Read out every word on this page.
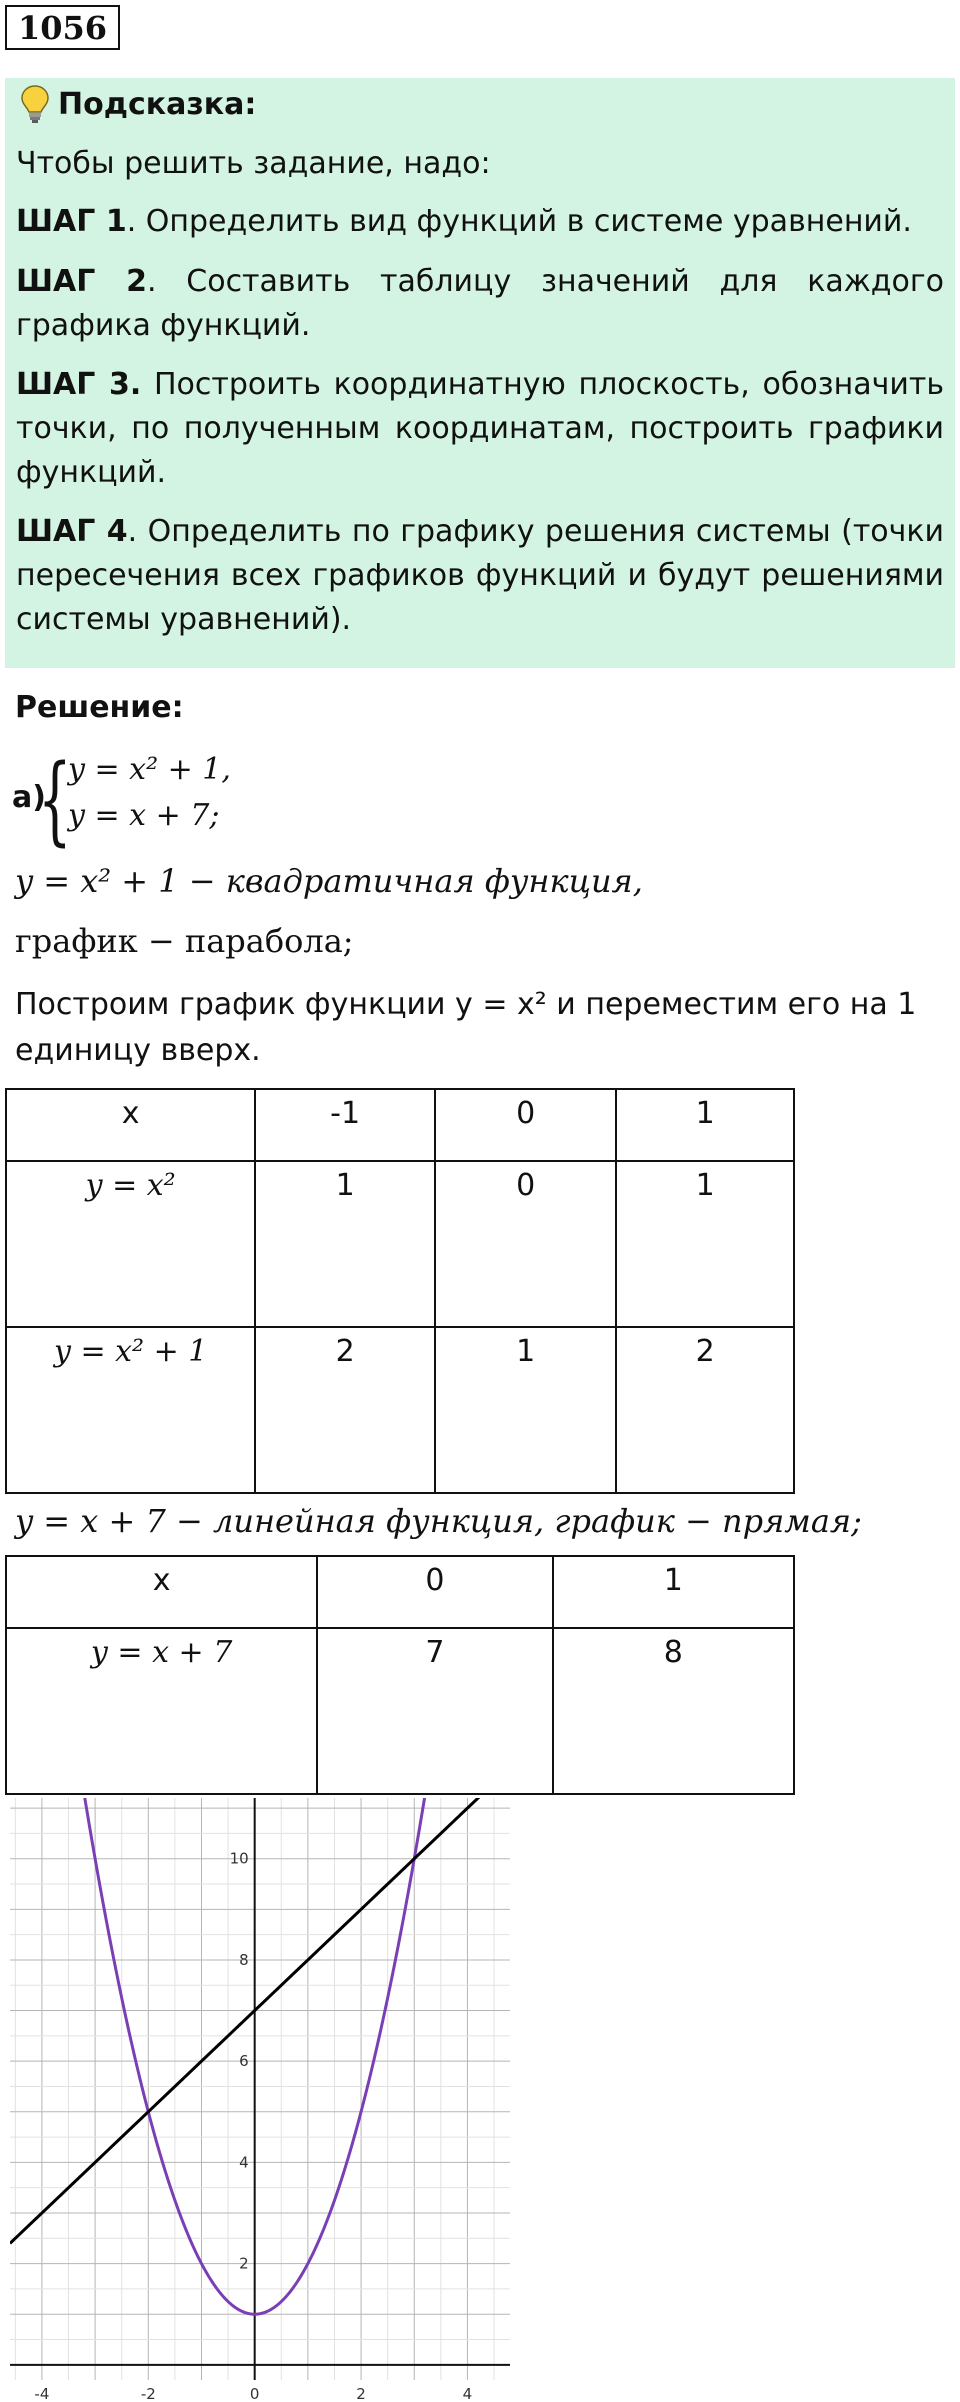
1056
Подсказка:

Чтобы решить задание, надо:

ШАГ 1. Определить вид функций в системе уравнений.

ШАГ 2. Составить таблицу значений для каждого графика функций.

ШАГ 3. Построить координатную плоскость, обозначить точки, по полученным координатам, построить графики функций.

ШАГ 4. Определить по графику решения системы (точки пересечения всех графиков функций и будут решениями системы уравнений).

Решение:
а)
{
y = x² + 1,
y = x + 7;
y = x² + 1 − квадратичная функция,
график − парабола;
Построим график функции y = x² и переместим его на 1 единицу вверх.
x	-1	0	1
y = x²	1	0	1
y = x² + 1	2	1	2
y = x + 7 − линейная функция, график − прямая;
x	0	1
y = x + 7	7	8
-4	-2	0	2	4
2
4
6
8
10
